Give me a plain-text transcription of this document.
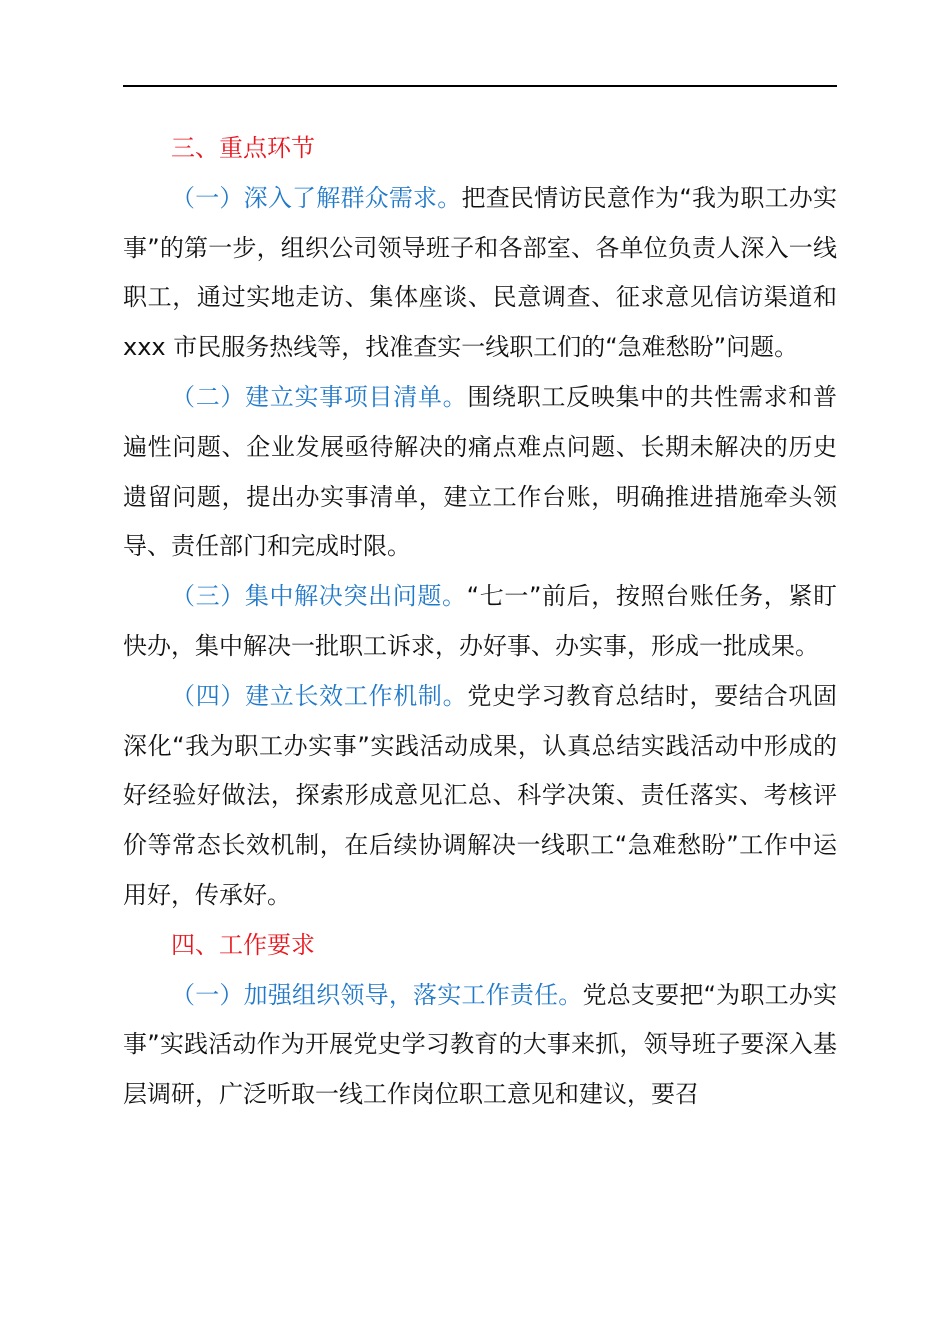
三、重点环节

（一）深入了解群众需求。把查民情访民意作为“我为职工办实事”的第一步，组织公司领导班子和各部室、各单位负责人深入一线职工，通过实地走访、集体座谈、民意调查、征求意见信访渠道和 xxx 市民服务热线等，找准查实一线职工们的“急难愁盼”问题。

（二）建立实事项目清单。围绕职工反映集中的共性需求和普遍性问题、企业发展亟待解决的痛点难点问题、长期未解决的历史遗留问题，提出办实事清单，建立工作台账，明确推进措施牵头领导、责任部门和完成时限。

（三）集中解决突出问题。“七一”前后，按照台账任务，紧盯快办，集中解决一批职工诉求，办好事、办实事，形成一批成果。

（四）建立长效工作机制。党史学习教育总结时，要结合巩固深化“我为职工办实事”实践活动成果，认真总结实践活动中形成的好经验好做法，探索形成意见汇总、科学决策、责任落实、考核评价等常态长效机制，在后续协调解决一线职工“急难愁盼”工作中运用好，传承好。

四、工作要求

（一）加强组织领导，落实工作责任。党总支要把“为职工办实事”实践活动作为开展党史学习教育的大事来抓，领导班子要深入基层调研，广泛听取一线工作岗位职工意见和建议，要召
